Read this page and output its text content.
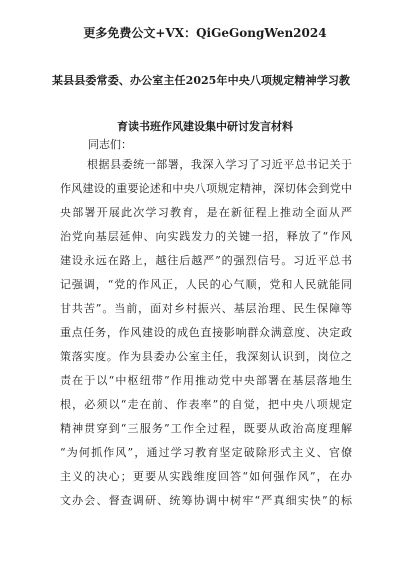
更多免费公文+VX：QiGeGongWen2024
某县县委常委、办公室主任2025年中央八项规定精神学习教
育读书班作风建设集中研讨发言材料
同志们：
根据县委统一部署，我深入学习了习近平总书记关于
作风建设的重要论述和中央八项规定精神，深切体会到党中
央部署开展此次学习教育，是在新征程上推动全面从严
治党向基层延伸、向实践发力的关键一招，释放了“作风
建设永远在路上，越往后越严”的强烈信号。习近平总书
记强调，“党的作风正，人民的心气顺，党和人民就能同
甘共苦”。当前，面对乡村振兴、基层治理、民生保障等
重点任务，作风建设的成色直接影响群众满意度、决定政
策落实度。作为县委办公室主任，我深刻认识到，岗位之
责在于以“中枢纽带”作用推动党中央部署在基层落地生
根，必须以“走在前、作表率”的自觉，把中央八项规定
精神贯穿到“三服务”工作全过程，既要从政治高度理解
“为何抓作风”，通过学习教育坚定破除形式主义、官僚
主义的决心；更要从实践维度回答“如何强作风”，在办
文办会、督查调研、统筹协调中树牢“严真细实快”的标
